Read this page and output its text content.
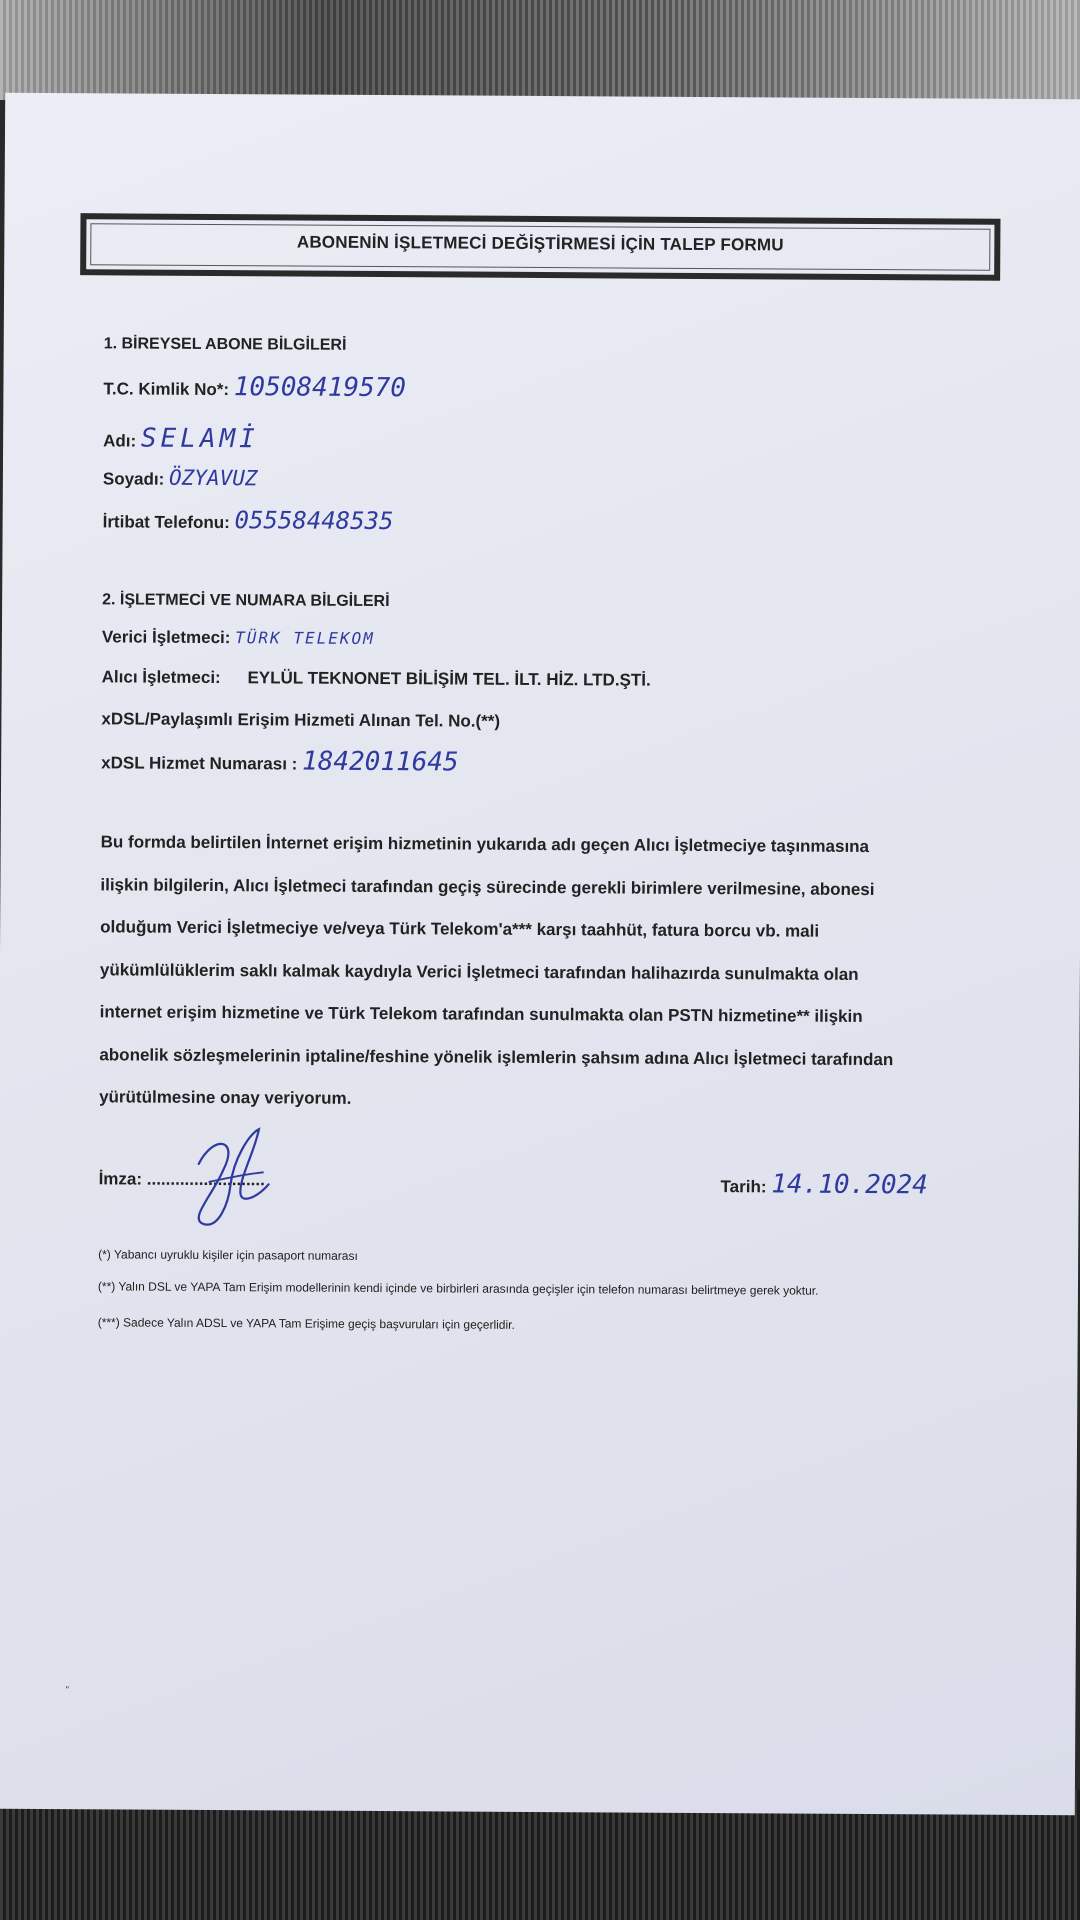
ABONENİN İŞLETMECİ DEĞİŞTİRMESİ İÇİN TALEP FORMU
1. BİREYSEL ABONE BİLGİLERİ
T.C. Kimlik No*: 10508419570
Adı: SELAMİ
Soyadı: ÖZYAVUZ
İrtibat Telefonu: 05558448535
2. İŞLETMECİ VE NUMARA BİLGİLERİ
Verici İşletmeci: TÜRK TELEKOM
Alıcı İşletmeci: EYLÜL TEKNONET BİLİŞİM TEL. İLT. HİZ. LTD.ŞTİ.
xDSL/Paylaşımlı Erişim Hizmeti Alınan Tel. No.(**)
xDSL Hizmet Numarası : 1842011645
Bu formda belirtilen İnternet erişim hizmetinin yukarıda adı geçen Alıcı İşletmeciye taşınmasına
ilişkin bilgilerin, Alıcı İşletmeci tarafından geçiş sürecinde gerekli birimlere verilmesine, abonesi
olduğum Verici İşletmeciye ve/veya Türk Telekom'a*** karşı taahhüt, fatura borcu vb. mali
yükümlülüklerim saklı kalmak kaydıyla Verici İşletmeci tarafından halihazırda sunulmakta olan
internet erişim hizmetine ve Türk Telekom tarafından sunulmakta olan PSTN hizmetine** ilişkin
abonelik sözleşmelerinin iptaline/feshine yönelik işlemlerin şahsım adına Alıcı İşletmeci tarafından
yürütülmesine onay veriyorum.
İmza: .........................	Tarih: 14.10.2024
(*) Yabancı uyruklu kişiler için pasaport numarası
(**) Yalın DSL ve YAPA Tam Erişim modellerinin kendi içinde ve birbirleri arasında geçişler için telefon numarası belirtmeye gerek yoktur.
(***) Sadece Yalın ADSL ve YAPA Tam Erişime geçiş başvuruları için geçerlidir.
"
